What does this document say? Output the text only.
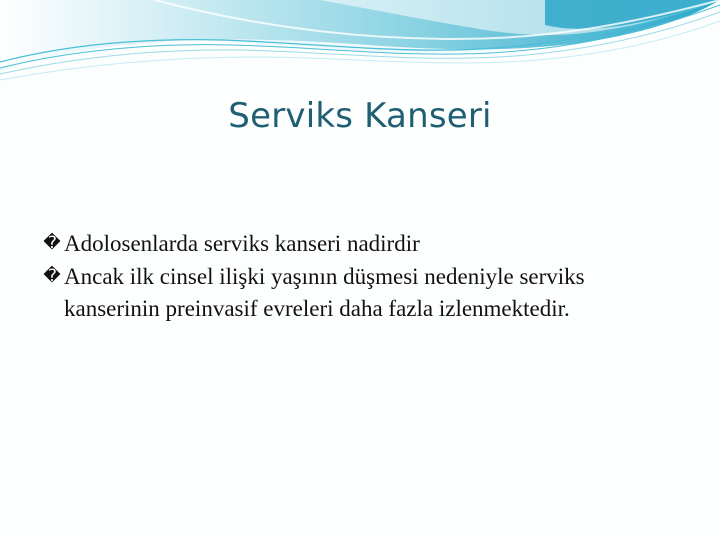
Serviks Kanseri
� Adolosenlarda serviks kanseri nadirdir
� Ancak ilk cinsel ilişki yaşının düşmesi nedeniyle serviks kanserinin preinvasif evreleri daha fazla izlenmektedir.
